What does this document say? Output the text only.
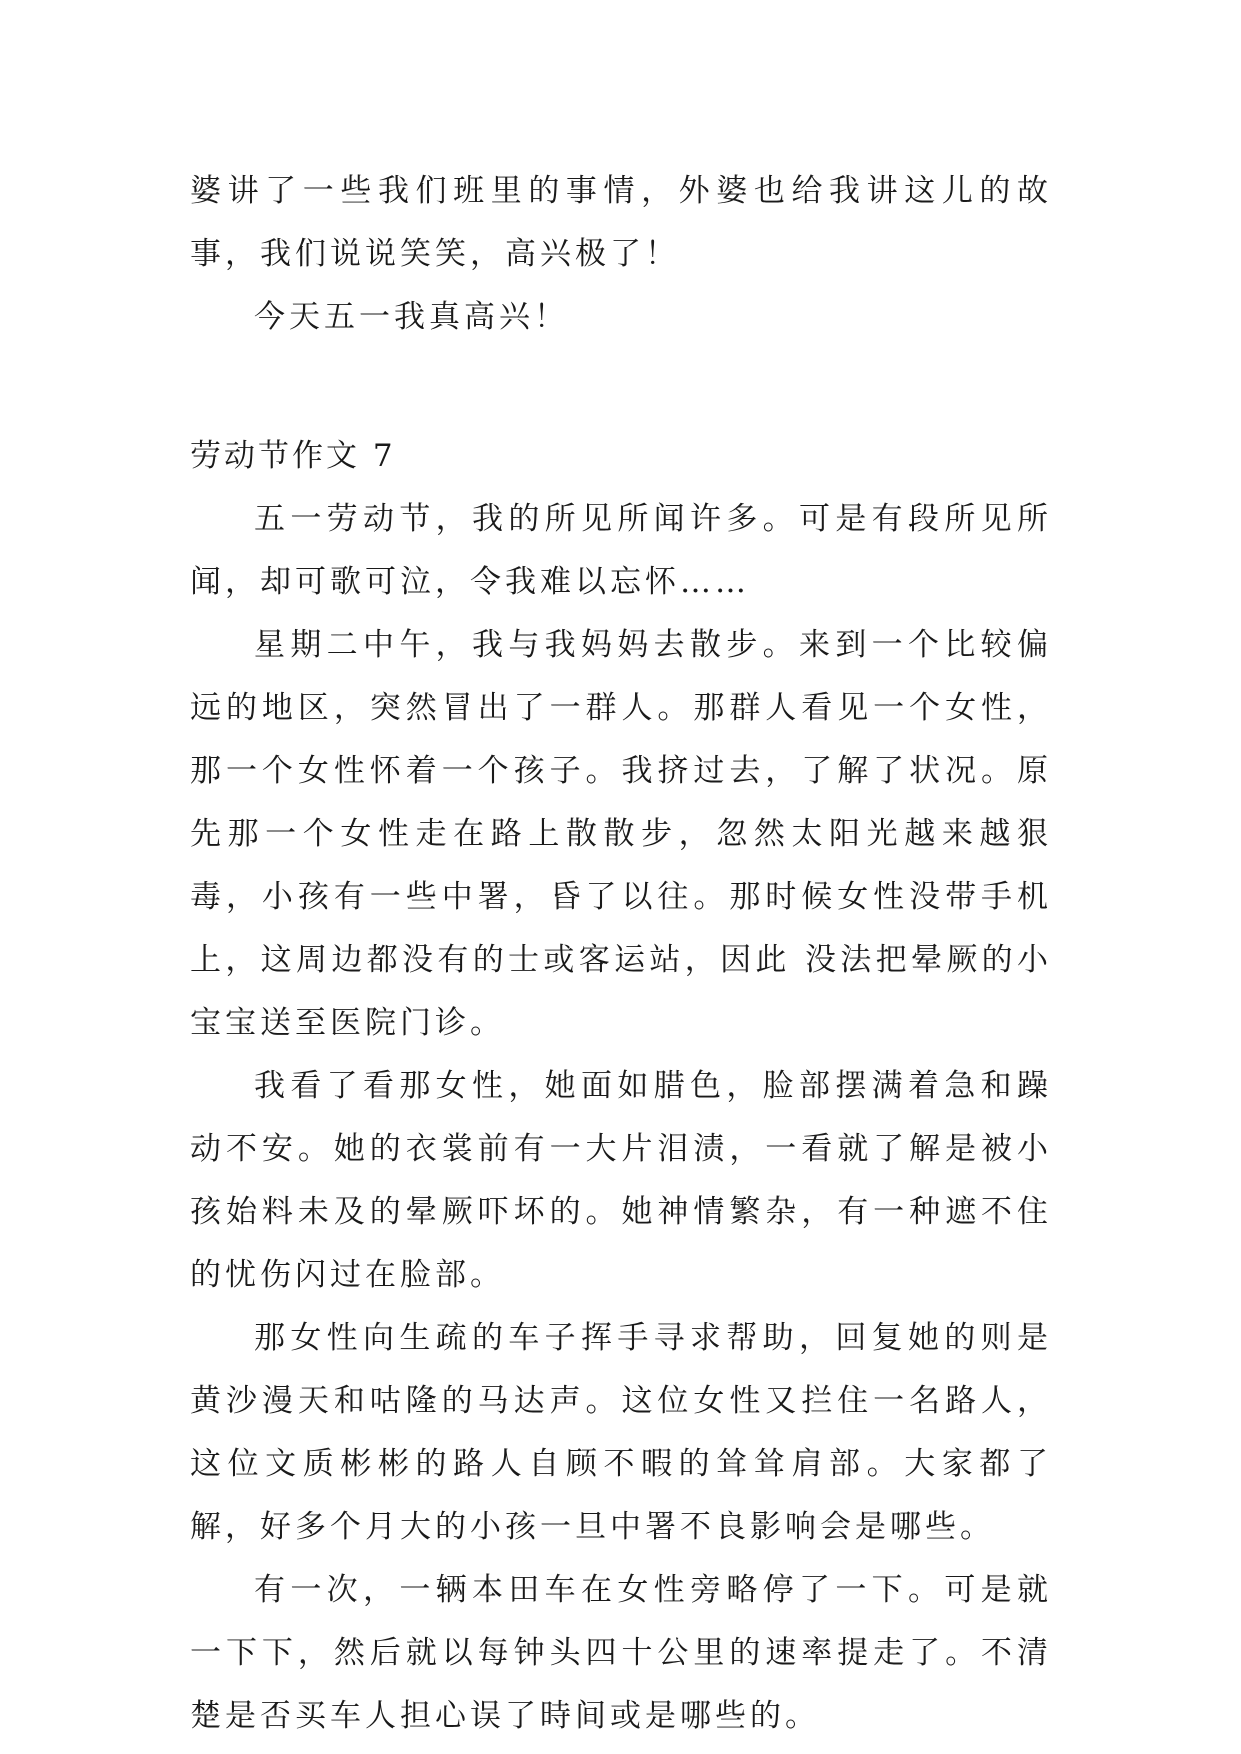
婆讲了一些我们班里的事情，外婆也给我讲这儿的故事，我们说说笑笑，高兴极了！

今天五一我真高兴！

劳动节作文 7

五一劳动节，我的所见所闻许多。可是有段所见所闻，却可歌可泣，令我难以忘怀……

星期二中午，我与我妈妈去散步。来到一个比较偏远的地区，突然冒出了一群人。那群人看见一个女性，那一个女性怀着一个孩子。我挤过去，了解了状况。原先那一个女性走在路上散散步，忽然太阳光越来越狠毒，小孩有一些中署，昏了以往。那时候女性没带手机上，这周边都没有的士或客运站，因此 没法把晕厥的小宝宝送至医院门诊。

我看了看那女性，她面如腊色，脸部摆满着急和躁动不安。她的衣裳前有一大片泪渍，一看就了解是被小孩始料未及的晕厥吓坏的。她神情繁杂，有一种遮不住的忧伤闪过在脸部。

那女性向生疏的车子挥手寻求帮助，回复她的则是黄沙漫天和咕隆的马达声。这位女性又拦住一名路人，这位文质彬彬的路人自顾不暇的耸耸肩部。大家都了解，好多个月大的小孩一旦中署不良影响会是哪些。

有一次，一辆本田车在女性旁略停了一下。可是就一下下，然后就以每钟头四十公里的速率提走了。不清楚是否买车人担心误了時间或是哪些的。
